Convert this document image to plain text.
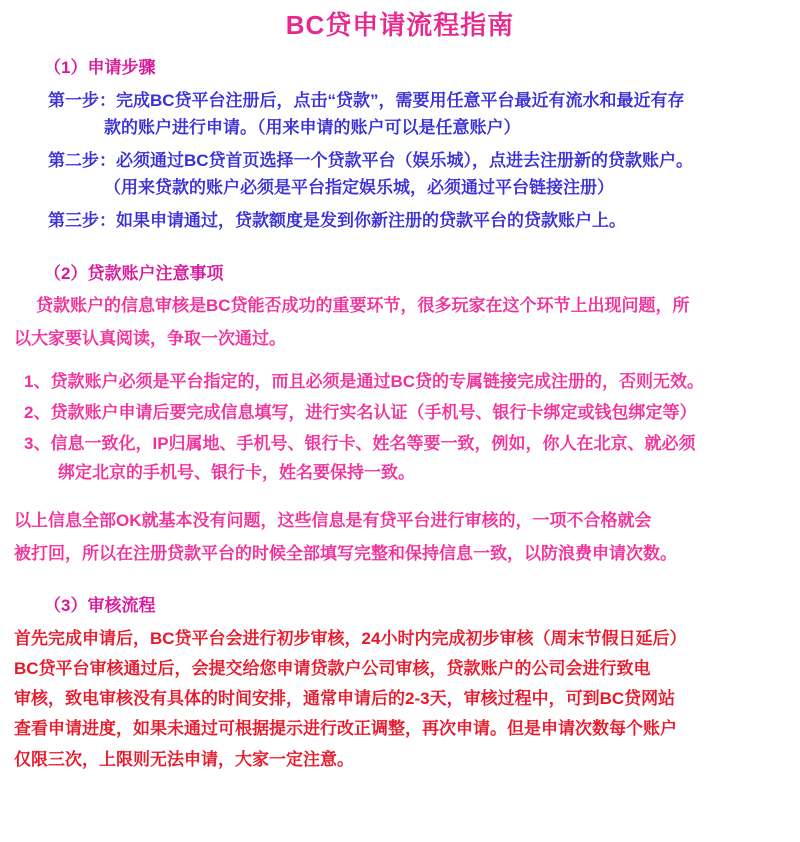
BC贷申请流程指南
（1）申请步骤
第一步：完成BC贷平台注册后，点击“贷款”，需要用任意平台最近有流水和最近有存
款的账户进行申请。（用来申请的账户可以是任意账户）
第二步：必须通过BC贷首页选择一个贷款平台（娱乐城），点进去注册新的贷款账户。
（用来贷款的账户必须是平台指定娱乐城，必须通过平台链接注册）
第三步：如果申请通过，贷款额度是发到你新注册的贷款平台的贷款账户上。
（2）贷款账户注意事项
贷款账户的信息审核是BC贷能否成功的重要环节，很多玩家在这个环节上出现问题，所
以大家要认真阅读，争取一次通过。
1、贷款账户必须是平台指定的，而且必须是通过BC贷的专属链接完成注册的，否则无效。
2、贷款账户申请后要完成信息填写，进行实名认证（手机号、银行卡绑定或钱包绑定等）
3、信息一致化，IP归属地、手机号、银行卡、姓名等要一致，例如，你人在北京、就必须
绑定北京的手机号、银行卡，姓名要保持一致。
以上信息全部OK就基本没有问题，这些信息是有贷平台进行审核的，一项不合格就会
被打回，所以在注册贷款平台的时候全部填写完整和保持信息一致，以防浪费申请次数。
（3）审核流程
首先完成申请后，BC贷平台会进行初步审核，24小时内完成初步审核（周末节假日延后）
BC贷平台审核通过后，会提交给您申请贷款户公司审核，贷款账户的公司会进行致电
审核，致电审核没有具体的时间安排，通常申请后的2-3天，审核过程中，可到BC贷网站
查看申请进度，如果未通过可根据提示进行改正调整，再次申请。但是申请次数每个账户
仅限三次，上限则无法申请，大家一定注意。
